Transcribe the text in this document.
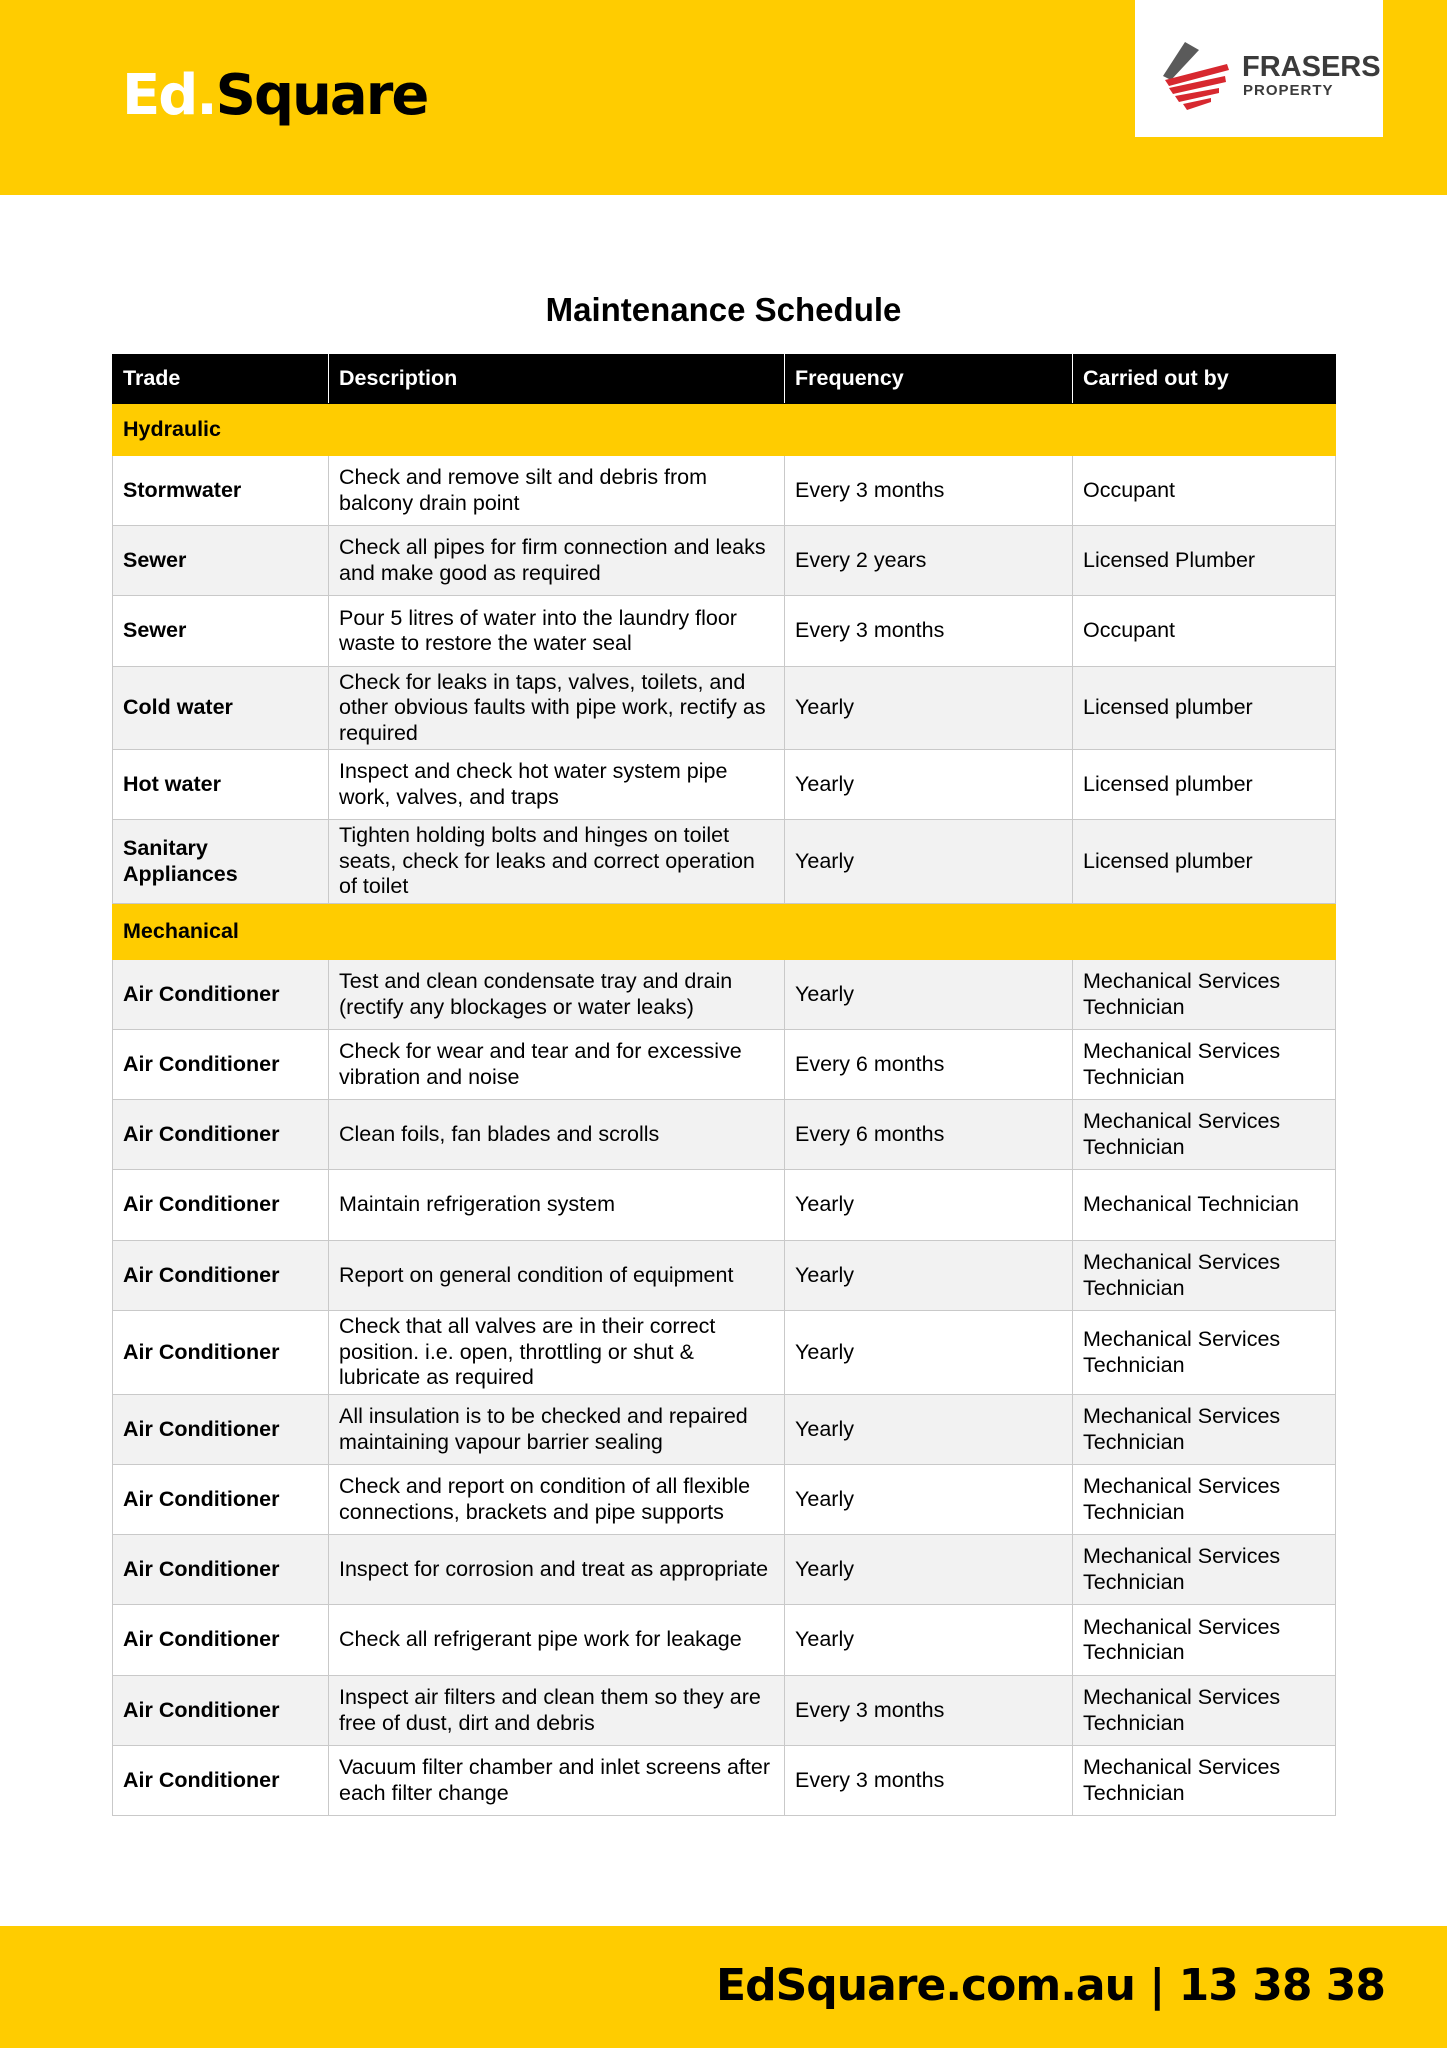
Ed.Square	FRASERS
PROPERTY
Maintenance Schedule
Trade	Description	Frequency	Carried out by
Hydraulic			
Stormwater	Check and remove silt and debris from balcony drain point	Every 3 months	Occupant
Sewer	Check all pipes for firm connection and leaks and make good as required	Every 2 years	Licensed Plumber
Sewer	Pour 5 litres of water into the laundry floor waste to restore the water seal	Every 3 months	Occupant
Cold water	Check for leaks in taps, valves, toilets, and other obvious faults with pipe work, rectify as required	Yearly	Licensed plumber
Hot water	Inspect and check hot water system pipe work, valves, and traps	Yearly	Licensed plumber
Sanitary Appliances	Tighten holding bolts and hinges on toilet seats, check for leaks and correct operation of toilet	Yearly	Licensed plumber
Mechanical			
Air Conditioner	Test and clean condensate tray and drain (rectify any blockages or water leaks)	Yearly	Mechanical Services Technician
Air Conditioner	Check for wear and tear and for excessive vibration and noise	Every 6 months	Mechanical Services Technician
Air Conditioner	Clean foils, fan blades and scrolls	Every 6 months	Mechanical Services Technician
Air Conditioner	Maintain refrigeration system	Yearly	Mechanical Technician
Air Conditioner	Report on general condition of equipment	Yearly	Mechanical Services Technician
Air Conditioner	Check that all valves are in their correct position. i.e. open, throttling or shut & lubricate as required	Yearly	Mechanical Services Technician
Air Conditioner	All insulation is to be checked and repaired maintaining vapour barrier sealing	Yearly	Mechanical Services Technician
Air Conditioner	Check and report on condition of all flexible connections, brackets and pipe supports	Yearly	Mechanical Services Technician
Air Conditioner	Inspect for corrosion and treat as appropriate	Yearly	Mechanical Services Technician
Air Conditioner	Check all refrigerant pipe work for leakage	Yearly	Mechanical Services Technician
Air Conditioner	Inspect air filters and clean them so they are free of dust, dirt and debris	Every 3 months	Mechanical Services Technician
Air Conditioner	Vacuum filter chamber and inlet screens after each filter change	Every 3 months	Mechanical Services Technician
EdSquare.com.au | 13 38 38
